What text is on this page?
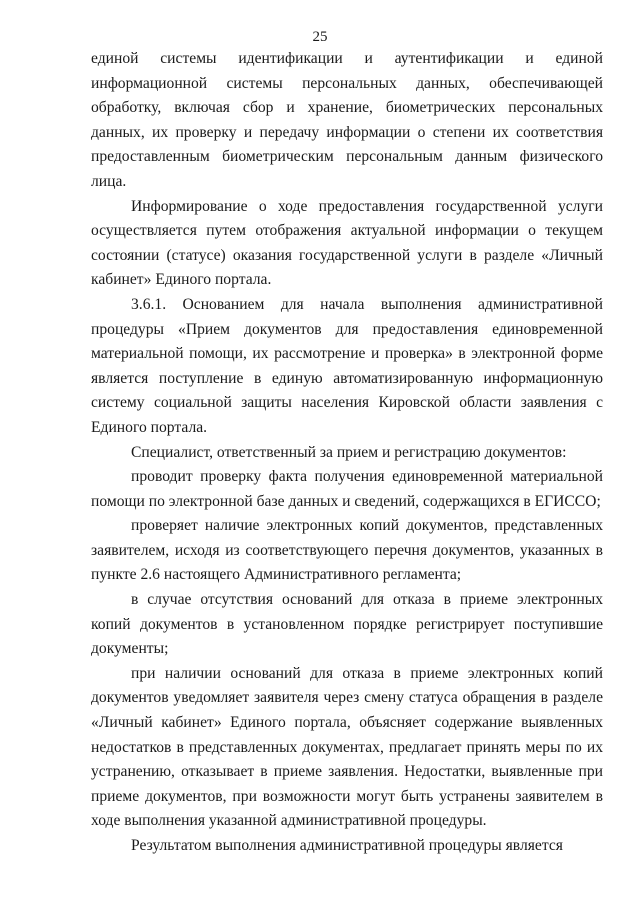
25

единой системы идентификации и аутентификации и единой информационной системы персональных данных, обеспечивающей обработку, включая сбор и хранение, биометрических персональных данных, их проверку и передачу информации о степени их соответствия предоставленным биометрическим персональным данным физического лица.

Информирование о ходе предоставления государственной услуги осуществляется путем отображения актуальной информации о текущем состоянии (статусе) оказания государственной услуги в разделе «Личный кабинет» Единого портала.

3.6.1. Основанием для начала выполнения административной процедуры «Прием документов для предоставления единовременной материальной помощи, их рассмотрение и проверка» в электронной форме является поступление в единую автоматизированную информационную систему социальной защиты населения Кировской области заявления с Единого портала.

Специалист, ответственный за прием и регистрацию документов:

проводит проверку факта получения единовременной материальной помощи по электронной базе данных и сведений, содержащихся в ЕГИССО;

проверяет наличие электронных копий документов, представленных заявителем, исходя из соответствующего перечня документов, указанных в пункте 2.6 настоящего Административного регламента;

в случае отсутствия оснований для отказа в приеме электронных копий документов в установленном порядке регистрирует поступившие документы;

при наличии оснований для отказа в приеме электронных копий документов уведомляет заявителя через смену статуса обращения в разделе «Личный кабинет» Единого портала, объясняет содержание выявленных недостатков в представленных документах, предлагает принять меры по их устранению, отказывает в приеме заявления. Недостатки, выявленные при приеме документов, при возможности могут быть устранены заявителем в ходе выполнения указанной административной процедуры.

Результатом выполнения административной процедуры является
